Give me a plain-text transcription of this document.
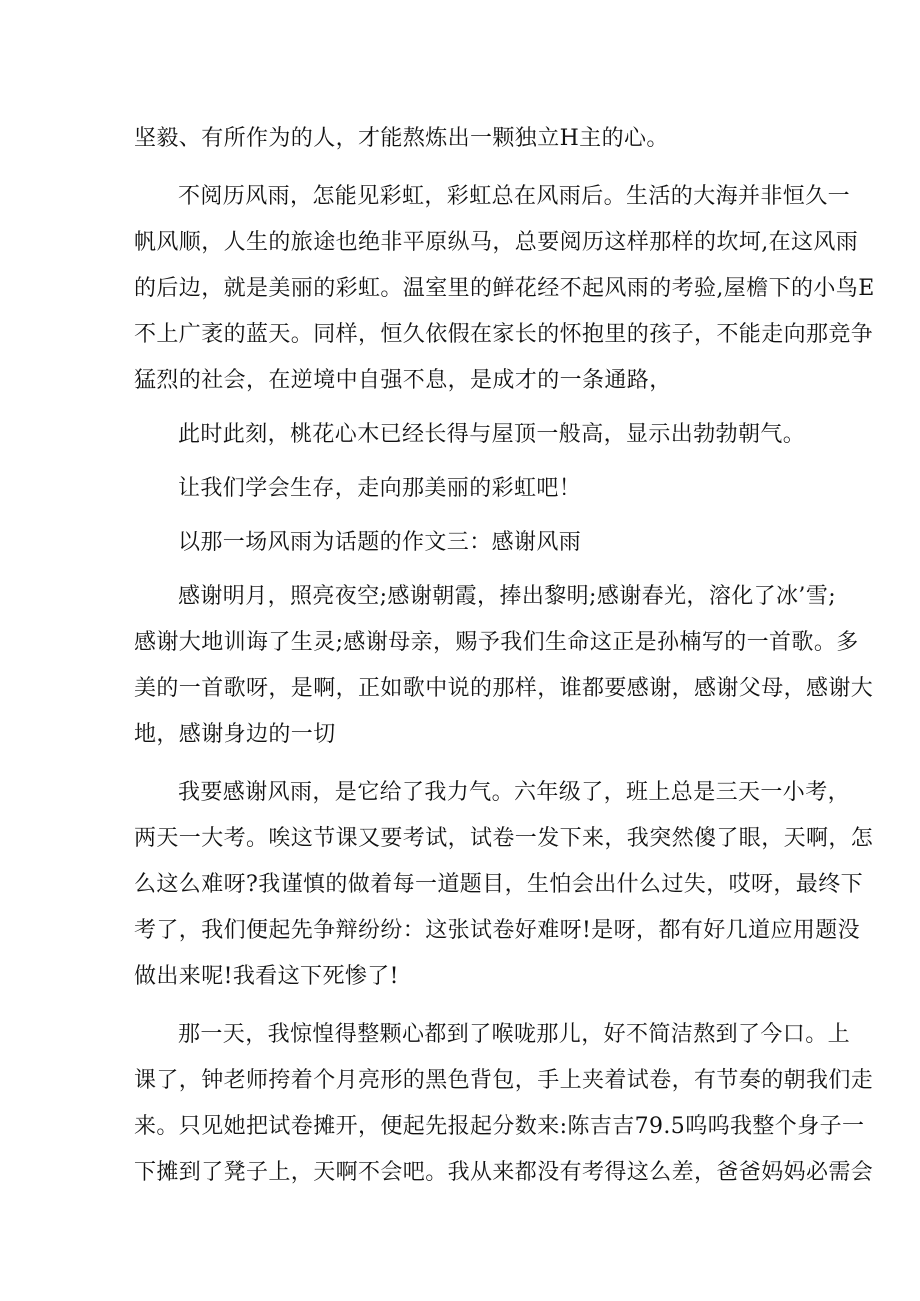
坚毅、有所作为的人，才能熬炼出一颗独立H主的心。
不阅历风雨，怎能见彩虹，彩虹总在风雨后。生活的大海并非恒久一
帆风顺，人生的旅途也绝非平原纵马，总要阅历这样那样的坎坷,在这风雨
的后边，就是美丽的彩虹。温室里的鲜花经不起风雨的考验,屋檐下的小鸟E
不上广袤的蓝天。同样，恒久依假在家长的怀抱里的孩子，不能走向那竞争
猛烈的社会，在逆境中自强不息，是成才的一条通路，
此时此刻，桃花心木已经长得与屋顶一般高，显示出勃勃朝气。
让我们学会生存，走向那美丽的彩虹吧！
以那一场风雨为话题的作文三：感谢风雨
感谢明月，照亮夜空;感谢朝霞，捧出黎明;感谢春光，溶化了冰’雪;
感谢大地训诲了生灵;感谢母亲，赐予我们生命这正是孙楠写的一首歌。多
美的一首歌呀，是啊，正如歌中说的那样，谁都要感谢，感谢父母，感谢大
地，感谢身边的一切
我要感谢风雨，是它给了我力气。六年级了，班上总是三天一小考，
两天一大考。唉这节课又要考试，试卷一发下来，我突然傻了眼，天啊，怎
么这么难呀?我谨慎的做着每一道题目，生怕会出什么过失，哎呀，最终下
考了，我们便起先争辩纷纷：这张试卷好难呀!是呀，都有好几道应用题没
做出来呢!我看这下死惨了!
那一天，我惊惶得整颗心都到了喉咙那儿，好不简洁熬到了今口。上
课了，钟老师挎着个月亮形的黑色背包，手上夹着试卷，有节奏的朝我们走
来。只见她把试卷摊开，便起先报起分数来:陈吉吉79.5呜呜我整个身子一
下摊到了凳子上，天啊不会吧。我从来都没有考得这么差，爸爸妈妈必需会
